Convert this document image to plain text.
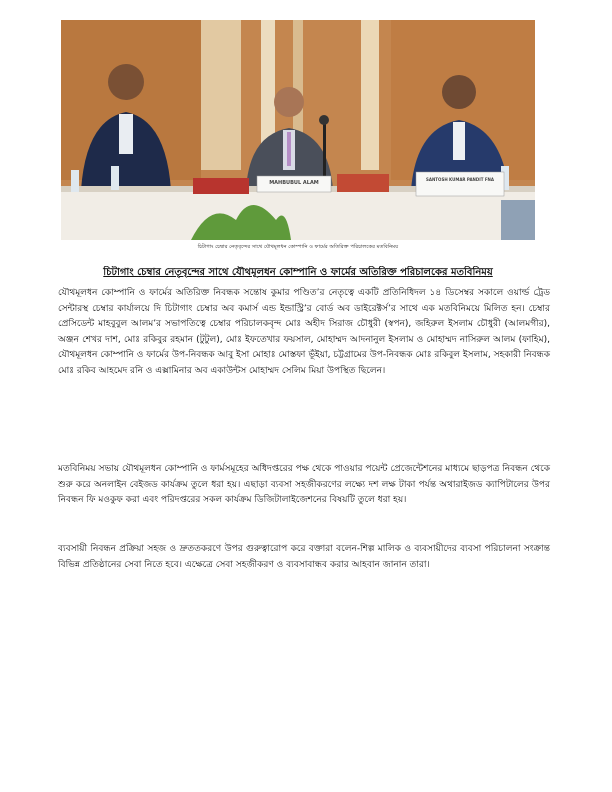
MAHBUBUL ALAM
SANTOSH KUMAR PANDIT FNA
চিটাগাং চেম্বার নেতৃবৃন্দের সাথে যৌথমূলধন কোম্পানি ও ফার্মের অতিরিক্ত পরিচালকের মতবিনিময়
চিটাগাং চেম্বার নেতৃবৃন্দের সাথে যৌথমূলধন কোম্পানি ও ফার্মের অতিরিক্ত পরিচালকের মতবিনিময়

যৌথমূলধন কোম্পানি ও ফার্মের অতিরিক্ত নিবন্ধক সন্তোষ কুমার পণ্ডিত’র নেতৃত্বে একটি প্রতিনিধিদল ১৪ ডিসেম্বর সকালে ওয়ার্ল্ড ট্রেড সেন্টারস্থ চেম্বার কার্যালয়ে দি চিটাগাং চেম্বার অব কমার্স এন্ড ইন্ডাস্ট্রি’র বোর্ড অব ডাইরেক্টর্স’র সাথে এক মতবিনিময়ে মিলিত হন। চেম্বার প্রেসিডেন্ট মাহবুবুল আলম’র সভাপতিত্বে চেম্বার পরিচালকবৃন্দ মোঃ অহীদ সিরাজ চৌধুরী (স্বপন), জহিরুল ইসলাম চৌধুরী (আলমগীর), অঞ্জন শেখর দাশ, মোঃ রকিবুর রহমান (টুটুল), মোঃ ইফতেখার ফয়সাল, মোহাম্মদ আদনানুল ইসলাম ও মোহাম্মদ নাসিরুল আলম (ফাহিম), যৌথমূলধন কোম্পানি ও ফার্মের উপ-নিবন্ধক আবু ইসা মোহাঃ মোস্তফা ভূঁইয়া, চট্টগ্রামের উপ-নিবন্ধক মোঃ রকিবুল ইসলাম, সহকারী নিবন্ধক মোঃ রকিব আহমেদ রনি ও এক্সামিনার অব একাউন্টস মোহাম্মদ সেলিম মিয়া উপস্থিত ছিলেন।

মতবিনিময় সভায় যৌথমূলধন কোম্পানি ও ফার্মসমূহের অধিদপ্তরের পক্ষ থেকে পাওয়ার পয়েন্ট প্রেজেন্টেশনের মাধ্যমে ছাড়পত্র নিবন্ধন থেকে শুরু করে অনলাইন বেইজড কার্যক্রম তুলে ধরা হয়। এছাড়া ব্যবসা সহজীকরণের লক্ষ্যে দশ লক্ষ টাকা পর্যন্ত অথারাইজড ক্যাপিটালের উপর নিবন্ধন ফি মওকুফ করা এবং পরিদপ্তরের সকল কার্যক্রম ডিজিটালাইজেশনের বিষয়টি তুলে ধরা হয়।

ব্যবসায়ী নিবন্ধন প্রক্রিয়া সহজ ও দ্রুততকরণে উপর গুরুত্বারোপ করে বক্তারা বলেন-শিল্প মালিক ও ব্যবসায়ীদের ব্যবসা পরিচালনা সংক্রান্ত বিভিন্ন প্রতিষ্ঠানের সেবা নিতে হবে। এক্ষেত্রে সেবা সহজীকরণ ও ব্যবসাবান্ধব করার আহবান জানান তারা।
